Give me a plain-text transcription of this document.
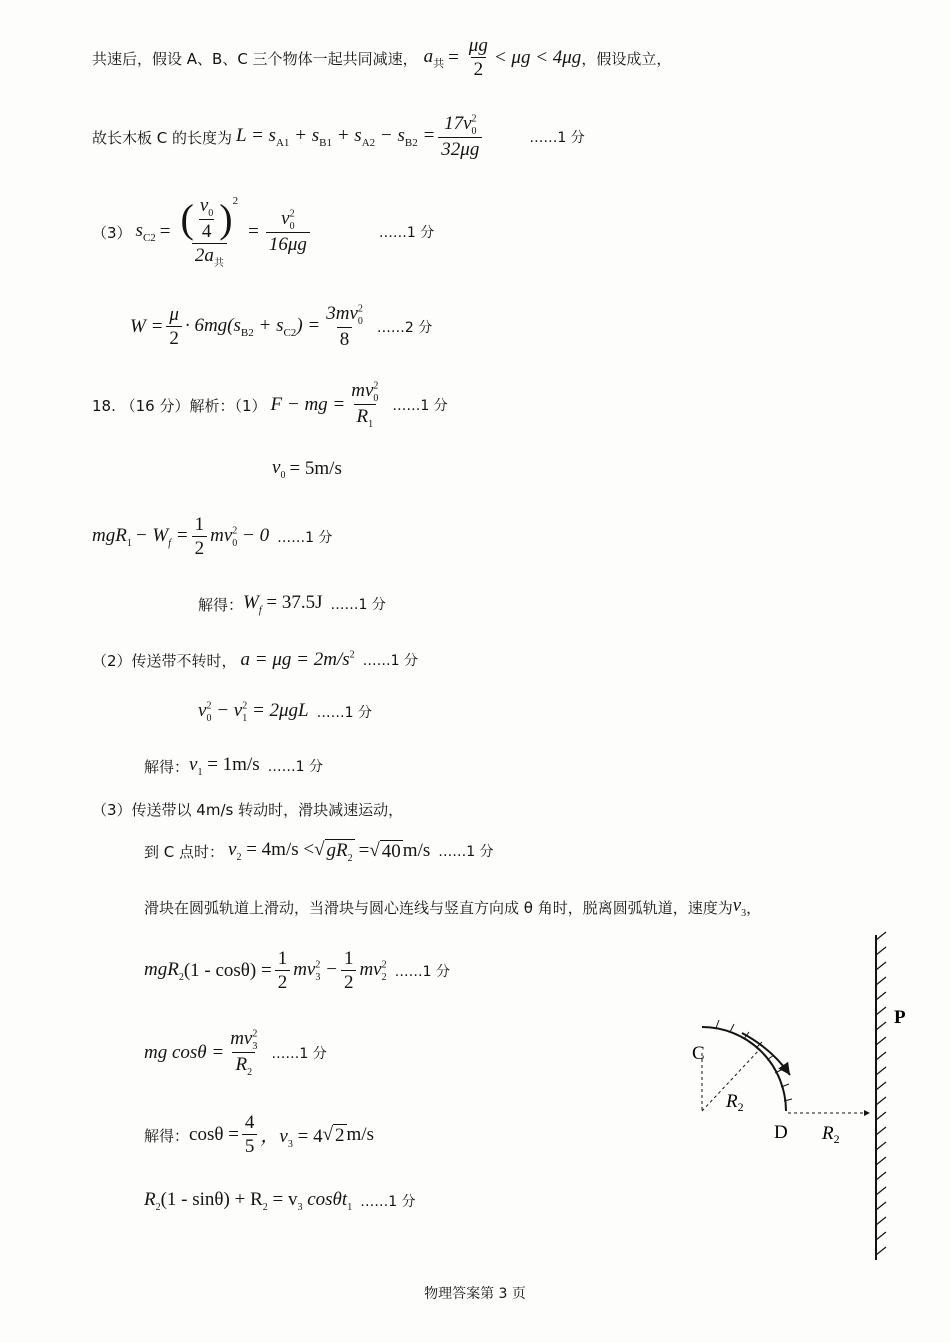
共速后，假设 A、B、C 三个物体一起共同减速， $a_共 = \frac{\mu g}{2} < \mu g < 4\mu g$ ，假设成立，
故长木板 C 的长度为 $L = s_{A1} + s_{B1} + s_{A2} - s_{B2} = \frac{17v^2_0}{32\mu g}$	……1 分
（3） $s_{C2} = \frac{( \frac{v_0}{4} )^2}{2a_共} = \frac{v^2_0}{16\mu g}$	……1 分
$W = \frac{\mu}{2} \cdot 6mg(s_{B2} + s_{C2}) = \frac{3mv^2_0}{8}$ ……2 分
18. （16 分）解析：（1） F − mg = $\frac{mv^2_0}{R_1}$ ……1 分
$v_0 = 5m/s$
$mgR_1 - W_f = \frac{1}{2} mv^2_0 - 0$ ……1 分
解得： $W_f = 37.5J$ ……1 分
（2）传送带不转时， $a = \mu g = 2m/s^2$ ……1 分
$v^2_0 - v^2_1 = 2\mu gL$ ……1 分
解得： $v_1 = 1m/s$ ……1 分
（3）传送带以 4m/s 转动时，滑块减速运动，
到 C 点时： $v_2 = 4m/s$ < √ $gR_2$ = √ 40 m/s ……1 分
滑块在圆弧轨道上滑动，当滑块与圆心连线与竖直方向成 θ 角时，脱离圆弧轨道，速度为 $v_3$ ，
mgR$_2$ $(1 - \cos\theta) = \frac{1}{2} mv^2_3 - \frac{1}{2} mv^2_2$ ……1 分
mg $\cos\theta = \frac{mv^2_3}{R_2}$ ……1 分
解得： $\cos\theta = \frac{4}{5}$ ，$v_3 = 4$ √ 2 m/s
$R_2(1 - \sin\theta) + R_2 = v_3$ cosθt$_1$ ……1 分
C
D
P
$R_2$
$R_2$
物理答案第 3 页
